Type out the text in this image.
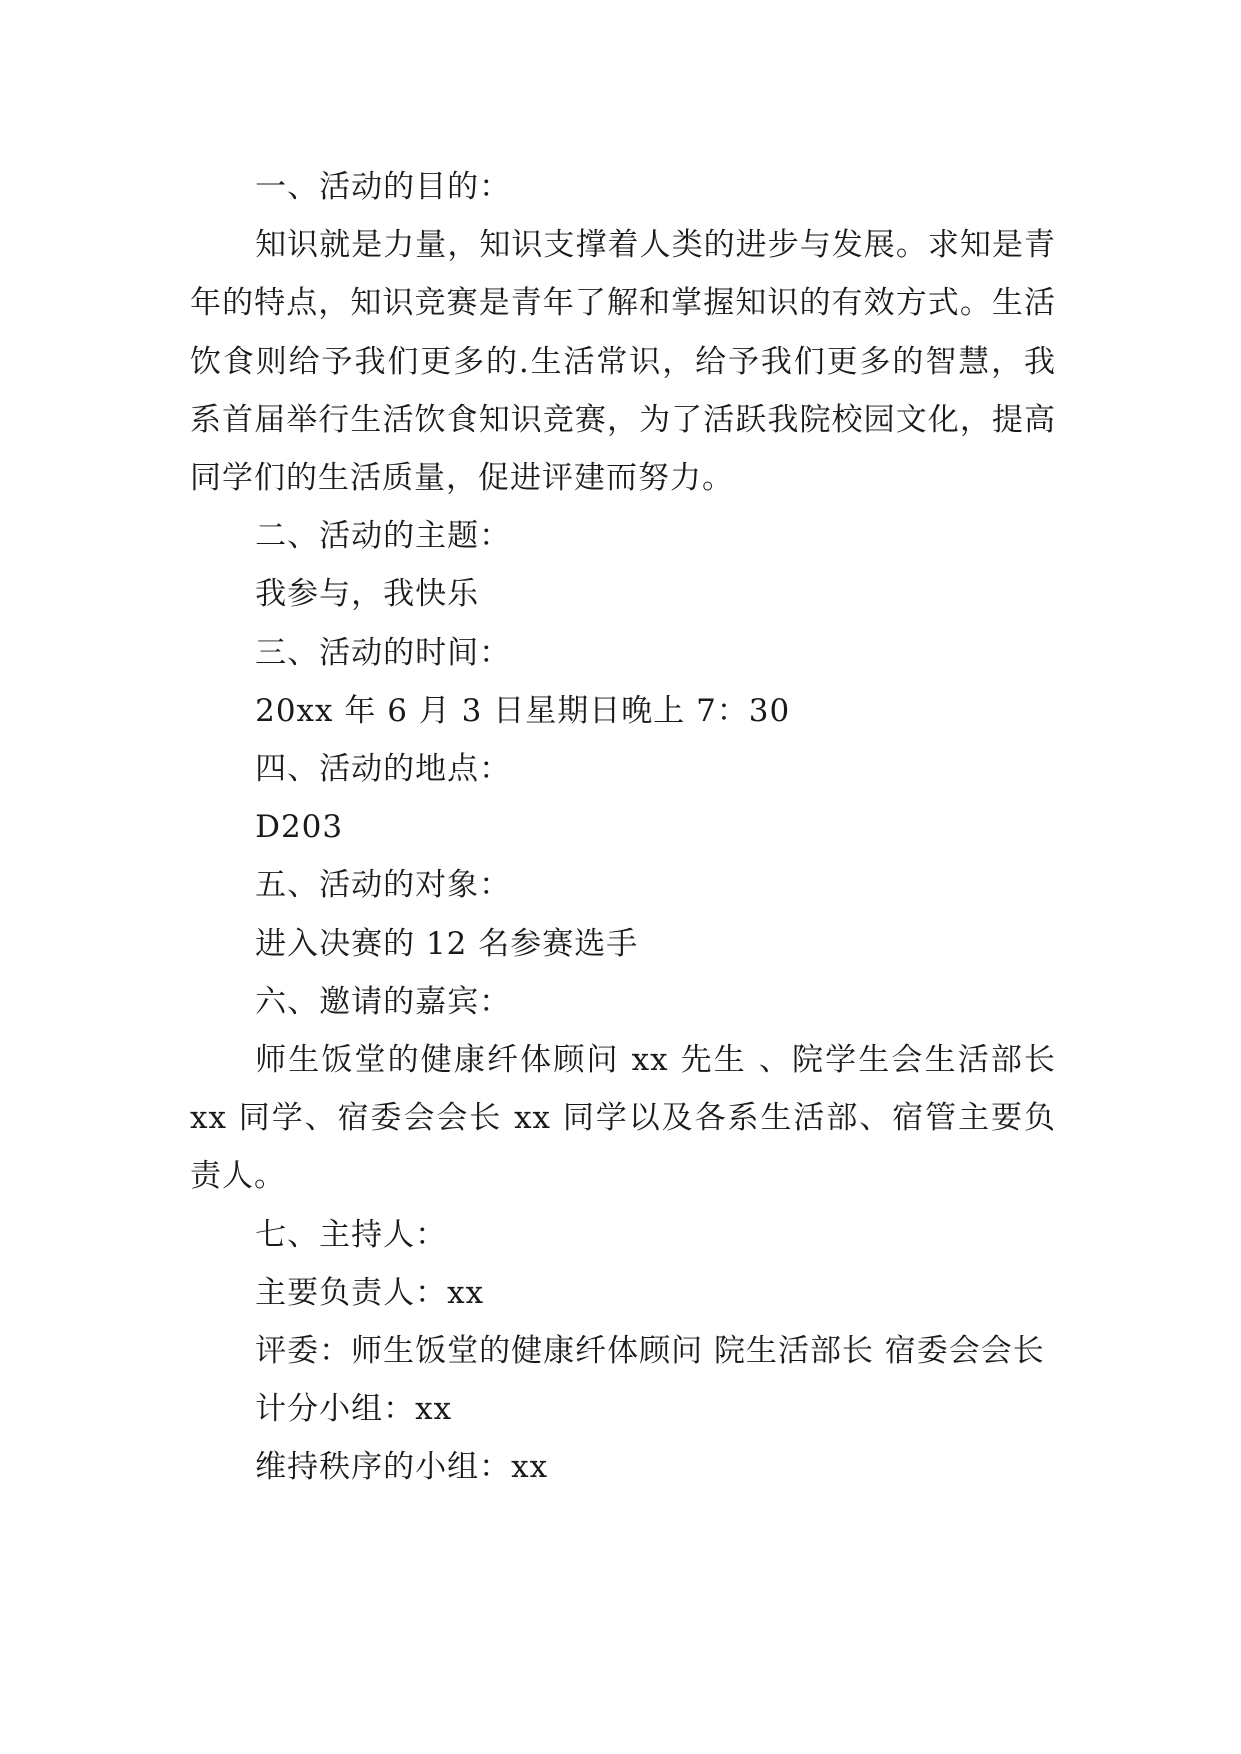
一、活动的目的：

知识就是力量，知识支撑着人类的进步与发展。求知是青年的特点，知识竞赛是青年了解和掌握知识的有效方式。生活饮食则给予我们更多的.生活常识，给予我们更多的智慧，我系首届举行生活饮食知识竞赛，为了活跃我院校园文化，提高同学们的生活质量，促进评建而努力。

二、活动的主题：

我参与，我快乐

三、活动的时间：

20xx 年 6 月 3 日星期日晚上 7：30

四、活动的地点：

D203

五、活动的对象：

进入决赛的 12 名参赛选手

六、邀请的嘉宾：

师生饭堂的健康纤体顾问 xx 先生 、院学生会生活部长 xx 同学、宿委会会长 xx 同学以及各系生活部、宿管主要负责人。

七、主持人：

主要负责人：xx

评委：师生饭堂的健康纤体顾问 院生活部长 宿委会会长

计分小组：xx

维持秩序的小组：xx
